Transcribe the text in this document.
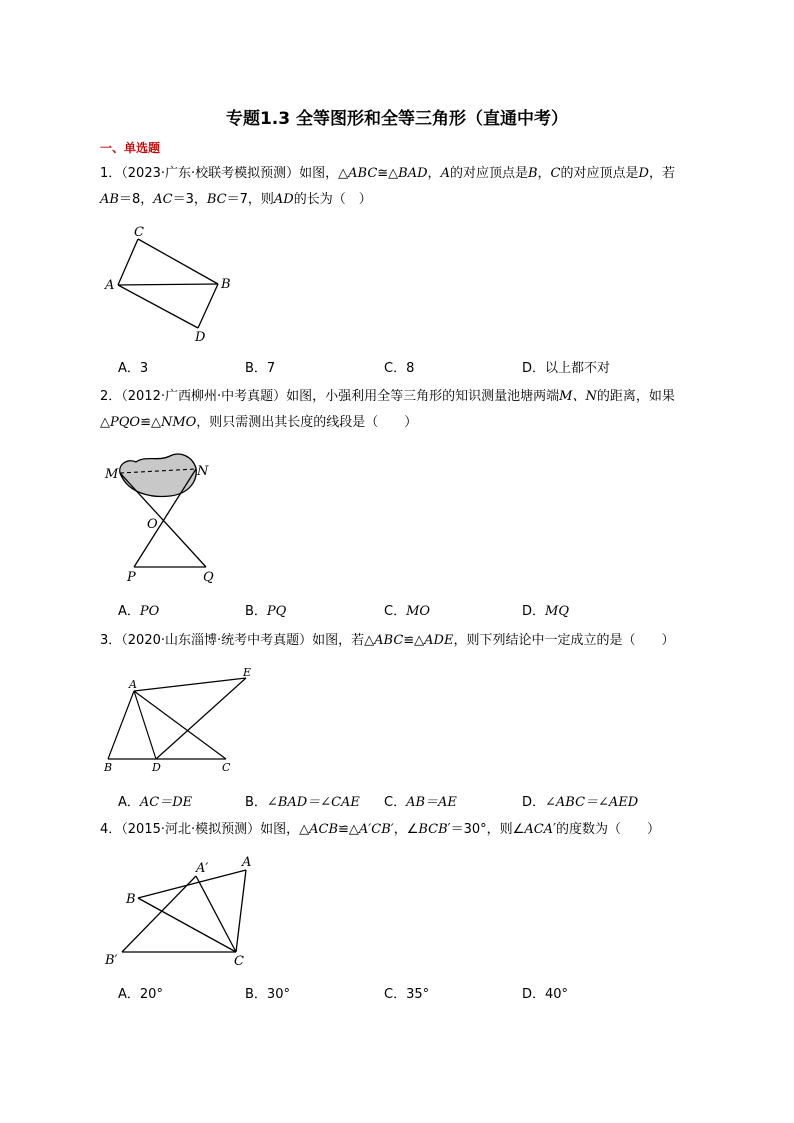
专题1.3 全等图形和全等三角形（直通中考）
一、单选题
1．（2023·广东·校联考模拟预测）如图，△ABC≅△BAD，A的对应顶点是B，C的对应顶点是D，若
AB＝8，AC＝3，BC＝7，则AD的长为（　）
C
A	B
D
A．3	B．7	C．8	D．以上都不对
2．（2012·广西柳州·中考真题）如图，小强利用全等三角形的知识测量池塘两端M、N的距离，如果
△PQO≌△NMO，则只需测出其长度的线段是（　　）
M	N
O
P	Q
A．PO	B．PQ	C．MO	D．MQ
3．（2020·山东淄博·统考中考真题）如图，若△ABC≌△ADE，则下列结论中一定成立的是（　　）
A
E
B	D	C
A．AC＝DE	B．∠BAD＝∠CAE C．AB＝AE	D．∠ABC＝∠AED
4．（2015·河北·模拟预测）如图，△ACB≌△A′CB′，∠BCB′＝30°，则∠ACA′的度数为（　　）
A′	A
B
B′	C
A．20°	B．30°	C．35°	D．40°
